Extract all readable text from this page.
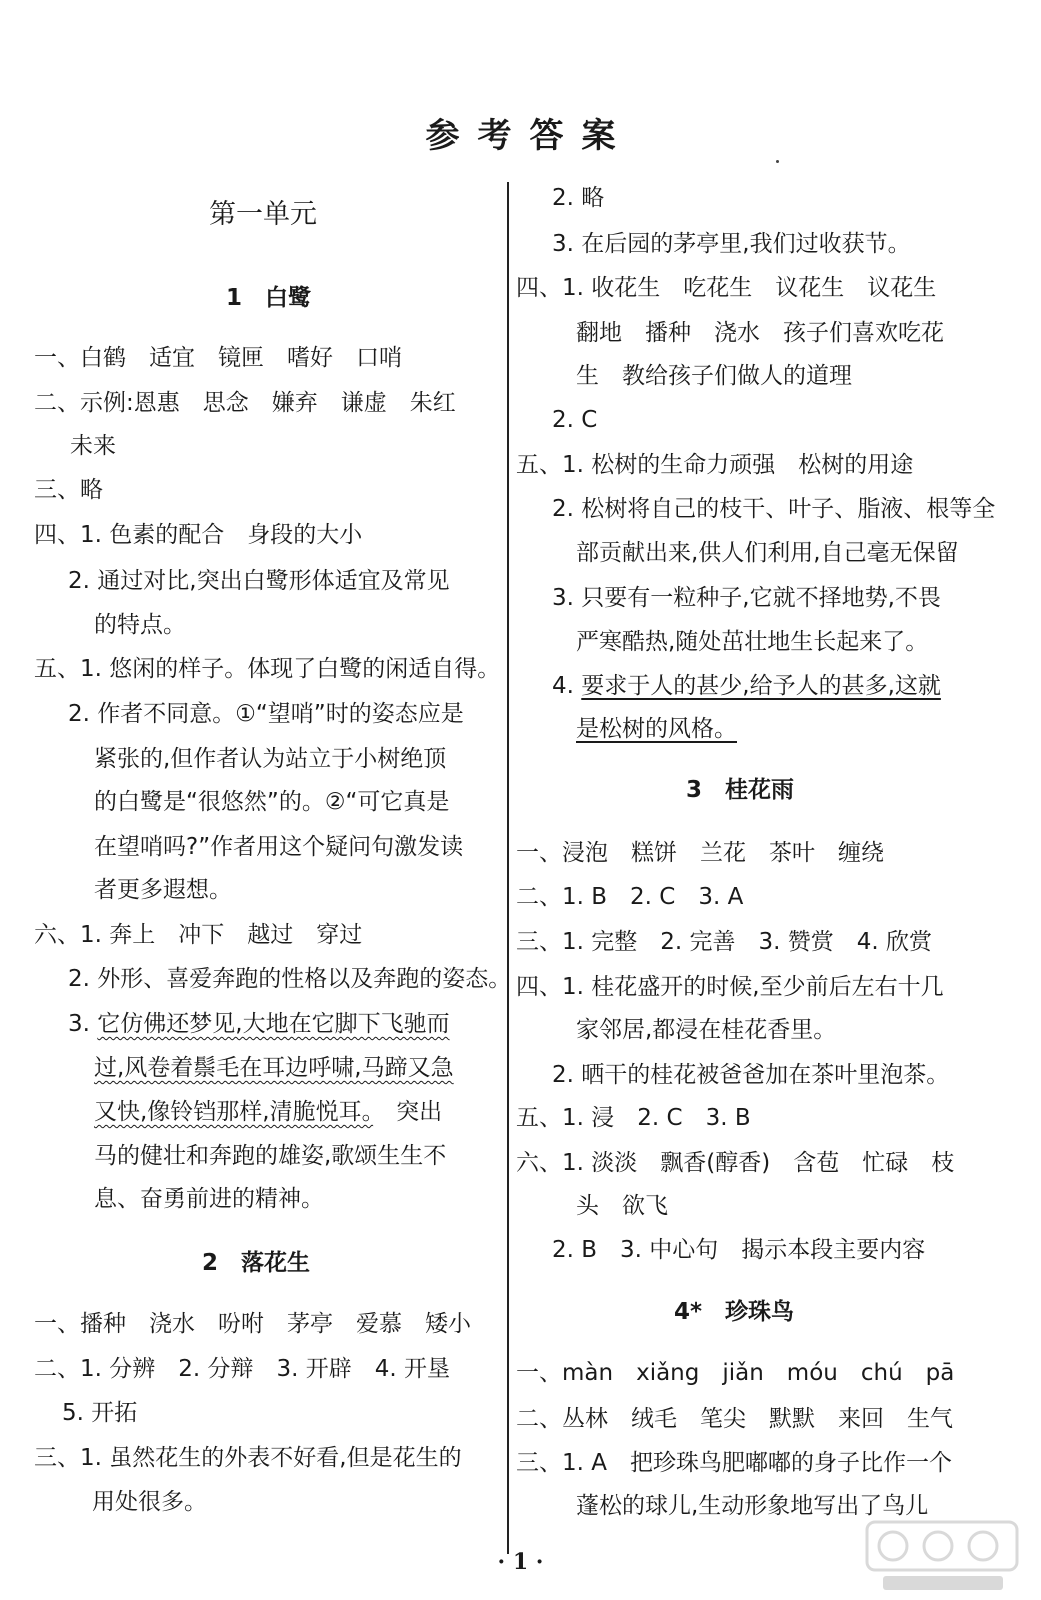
参考答案
第一单元
1　白鹭
一、白鹤　适宜　镜匣　嗜好　口哨
二、示例:恩惠　思念　嫌弃　谦虚　朱红
未来
三、略
四、1. 色素的配合　身段的大小
2. 通过对比,突出白鹭形体适宜及常见
的特点。
五、1. 悠闲的样子。体现了白鹭的闲适自得。
2. 作者不同意。①“望哨”时的姿态应是
紧张的,但作者认为站立于小树绝顶
的白鹭是“很悠然”的。②“可它真是
在望哨吗?”作者用这个疑问句激发读
者更多遐想。
六、1. 奔上　冲下　越过　穿过
2. 外形、喜爱奔跑的性格以及奔跑的姿态。
3. 它仿佛还梦见,大地在它脚下飞驰而
过,风卷着鬃毛在耳边呼啸,马蹄又急
又快,像铃铛那样,清脆悦耳。　突出
马的健壮和奔跑的雄姿,歌颂生生不
息、奋勇前进的精神。
2　落花生
一、播种　浇水　吩咐　茅亭　爱慕　矮小
二、1. 分辨　2. 分辩　3. 开辟　4. 开垦
5. 开拓
三、1. 虽然花生的外表不好看,但是花生的
用处很多。
2. 略
3. 在后园的茅亭里,我们过收获节。
四、1. 收花生　吃花生　议花生　议花生
翻地　播种　浇水　孩子们喜欢吃花
生　教给孩子们做人的道理
2. C
五、1. 松树的生命力顽强　松树的用途
2. 松树将自己的枝干、叶子、脂液、根等全
部贡献出来,供人们利用,自己毫无保留
3. 只要有一粒种子,它就不择地势,不畏
严寒酷热,随处茁壮地生长起来了。
4. 要求于人的甚少,给予人的甚多,这就
是松树的风格。
3　桂花雨
一、浸泡　糕饼　兰花　茶叶　缠绕
二、1. B　2. C　3. A
三、1. 完整　2. 完善　3. 赞赏　4. 欣赏
四、1. 桂花盛开的时候,至少前后左右十几
家邻居,都浸在桂花香里。
2. 晒干的桂花被爸爸加在茶叶里泡茶。
五、1. 浸　2. C　3. B
六、1. 淡淡　飘香(醇香)　含苞　忙碌　枝
头　欲飞
2. B　3. 中心句　揭示本段主要内容
4*　珍珠鸟
一、màn　xiǎng　jiǎn　móu　chú　pā
二、丛林　绒毛　笔尖　默默　来回　生气
三、1. A　把珍珠鸟肥嘟嘟的身子比作一个
蓬松的球儿,生动形象地写出了鸟儿
· 1 ·
